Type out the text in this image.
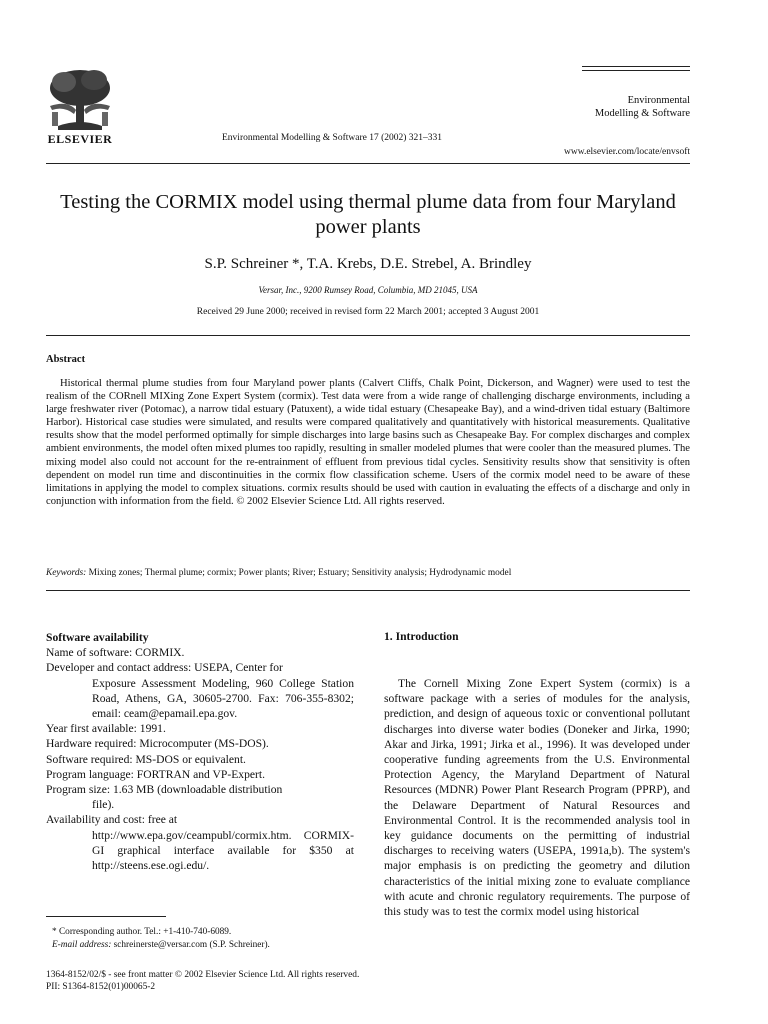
ELSEVIER	Environmental Modelling & Software 17 (2002) 321–331
Environmental
Modelling & Software
www.elsevier.com/locate/envsoft
Testing the CORMIX model using thermal plume data from four Maryland power plants
S.P. Schreiner *, T.A. Krebs, D.E. Strebel, A. Brindley
Versar, Inc., 9200 Rumsey Road, Columbia, MD 21045, USA
Received 29 June 2000; received in revised form 22 March 2001; accepted 3 August 2001
Abstract

Historical thermal plume studies from four Maryland power plants (Calvert Cliffs, Chalk Point, Dickerson, and Wagner) were used to test the realism of the CORnell MIXing Zone Expert System (cormix). Test data were from a wide range of challenging discharge environments, including a large freshwater river (Potomac), a narrow tidal estuary (Patuxent), a wide tidal estuary (Chesapeake Bay), and a wind-driven tidal estuary (Baltimore Harbor). Historical case studies were simulated, and results were compared qualitatively and quantitatively with historical measurements. Qualitative results show that the model performed optimally for simple discharges into large basins such as Chesapeake Bay. For complex discharges and complex ambient environments, the model often mixed plumes too rapidly, resulting in smaller modeled plumes that were cooler than the measured plumes. The mixing model also could not account for the re-entrainment of effluent from previous tidal cycles. Sensitivity results show that sensitivity is often dependent on model run time and discontinuities in the cormix flow classification scheme. Users of the cormix model need to be aware of these limitations in applying the model to complex situations. cormix results should be used with caution in evaluating the effects of a discharge and only in conjunction with information from the field. © 2002 Elsevier Science Ltd. All rights reserved.

Keywords: Mixing zones; Thermal plume; cormix; Power plants; River; Estuary; Sensitivity analysis; Hydrodynamic model
Software availability
Name of software: CORMIX.
Developer and contact address: USEPA, Center for
Exposure Assessment Modeling, 960 College Station Road, Athens, GA, 30605-2700. Fax: 706-355-8302; email: ceam@epamail.epa.gov.
Year first available: 1991.
Hardware required: Microcomputer (MS-DOS).
Software required: MS-DOS or equivalent.
Program language: FORTRAN and VP-Expert.
Program size: 1.63 MB (downloadable distribution
file).
Availability and cost: free at
http://www.epa.gov/ceampubl/cormix.htm. CORMIX-GI graphical interface available for $350 at http://steens.ese.ogi.edu/.
* Corresponding author. Tel.: +1-410-740-6089.
E-mail address: schreinerste@versar.com (S.P. Schreiner).
1. Introduction

The Cornell Mixing Zone Expert System (cormix) is a software package with a series of modules for the analysis, prediction, and design of aqueous toxic or conventional pollutant discharges into diverse water bodies (Doneker and Jirka, 1990; Akar and Jirka, 1991; Jirka et al., 1996). It was developed under cooperative funding agreements from the U.S. Environmental Protection Agency, the Maryland Department of Natural Resources (MDNR) Power Plant Research Program (PPRP), and the Delaware Department of Natural Resources and Environmental Control. It is the recommended analysis tool in key guidance documents on the permitting of industrial discharges to receiving waters (USEPA, 1991a,b). The system's major emphasis is on predicting the geometry and dilution characteristics of the initial mixing zone to evaluate compliance with acute and chronic regulatory requirements. The purpose of this study was to test the cormix model using historical

1364-8152/02/$ - see front matter © 2002 Elsevier Science Ltd. All rights reserved.
PII: S1364-8152(01)00065-2
